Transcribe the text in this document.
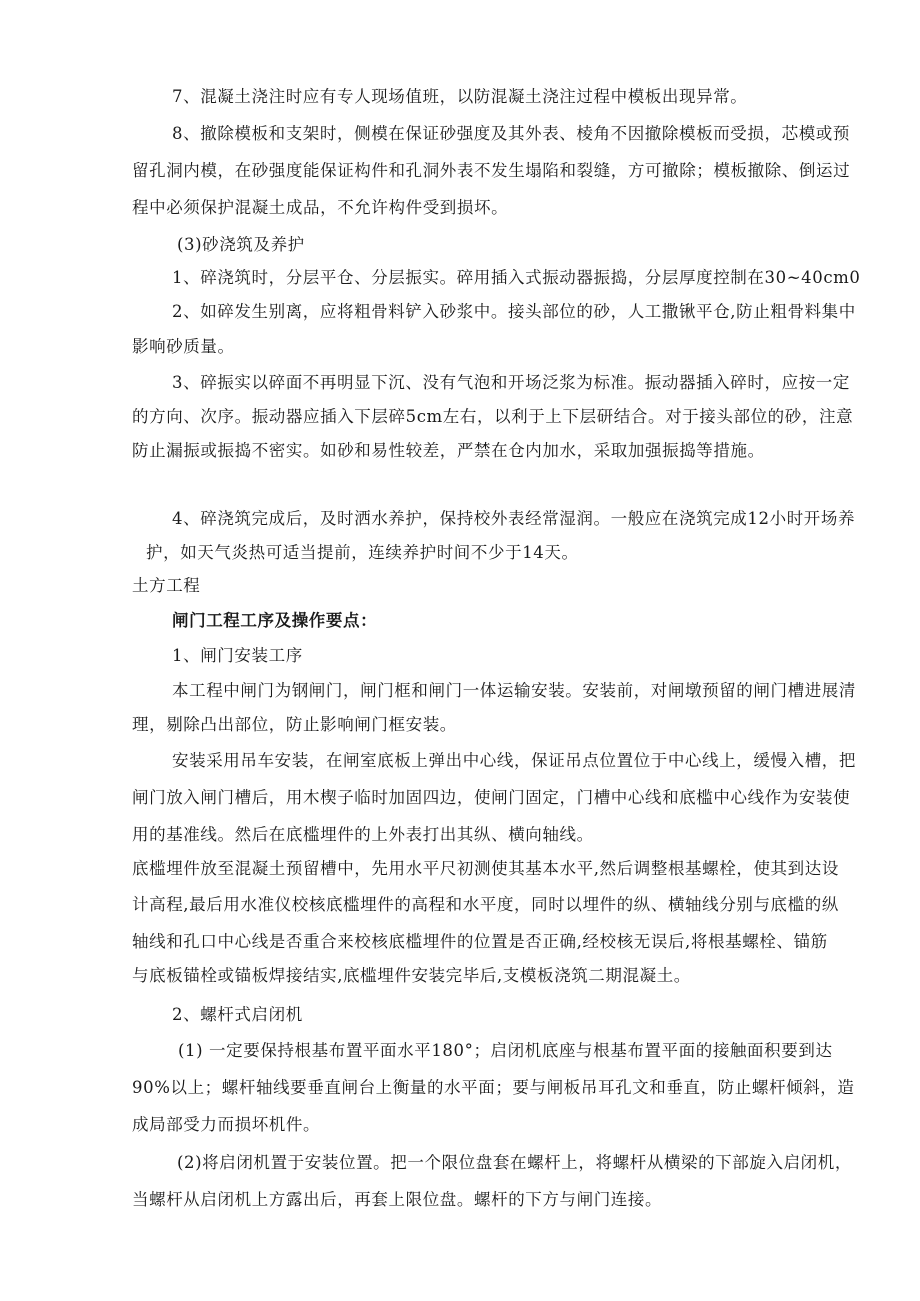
7、混凝土浇注时应有专人现场值班，以防混凝土浇注过程中模板出现异常。
8、撤除模板和支架时，侧模在保证砂强度及其外表、棱角不因撤除模板而受损，芯模或预
留孔洞内模，在砂强度能保证构件和孔洞外表不发生塌陷和裂缝，方可撤除；模板撤除、倒运过
程中必须保护混凝土成品，不允许构件受到损坏。
(3)砂浇筑及养护
1、碎浇筑时，分层平仓、分层振实。碎用插入式振动器振捣，分层厚度控制在30~40cm0
2、如碎发生别离，应将粗骨料铲入砂浆中。接头部位的砂，人工撒锹平仓,防止粗骨料集中
影响砂质量。
3、碎振实以碎面不再明显下沉、没有气泡和开场泛浆为标准。振动器插入碎时，应按一定
的方向、次序。振动器应插入下层碎5cm左右，以利于上下层研结合。对于接头部位的砂，注意
防止漏振或振捣不密实。如砂和易性较差，严禁在仓内加水，采取加强振捣等措施。
4、碎浇筑完成后，及时洒水养护，保持校外表经常湿润。一般应在浇筑完成12小时开场养
护，如天气炎热可适当提前，连续养护时间不少于14天。
土方工程
闸门工程工序及操作要点：
1、闸门安装工序
本工程中闸门为钢闸门，闸门框和闸门一体运输安装。安装前，对闸墩预留的闸门槽进展清
理，剔除凸出部位，防止影响闸门框安装。
安装采用吊车安装，在闸室底板上弹出中心线，保证吊点位置位于中心线上，缓慢入槽，把
闸门放入闸门槽后，用木楔子临时加固四边，使闸门固定，门槽中心线和底槛中心线作为安装使
用的基准线。然后在底槛埋件的上外表打出其纵、横向轴线。
底槛埋件放至混凝土预留槽中，先用水平尺初测使其基本水平,然后调整根基螺栓，使其到达设
计高程,最后用水准仪校核底槛埋件的高程和水平度，同时以埋件的纵、横轴线分别与底槛的纵
轴线和孔口中心线是否重合来校核底槛埋件的位置是否正确,经校核无误后,将根基螺栓、锚筋
与底板锚栓或锚板焊接结实,底槛埋件安装完毕后,支模板浇筑二期混凝土。
2、螺杆式启闭机
(1) 一定要保持根基布置平面水平180°；启闭机底座与根基布置平面的接触面积要到达
90%以上；螺杆轴线要垂直闸台上衡量的水平面；要与闸板吊耳孔文和垂直，防止螺杆倾斜，造
成局部受力而损坏机件。
(2)将启闭机置于安装位置。把一个限位盘套在螺杆上，将螺杆从横梁的下部旋入启闭机，
当螺杆从启闭机上方露出后，再套上限位盘。螺杆的下方与闸门连接。
